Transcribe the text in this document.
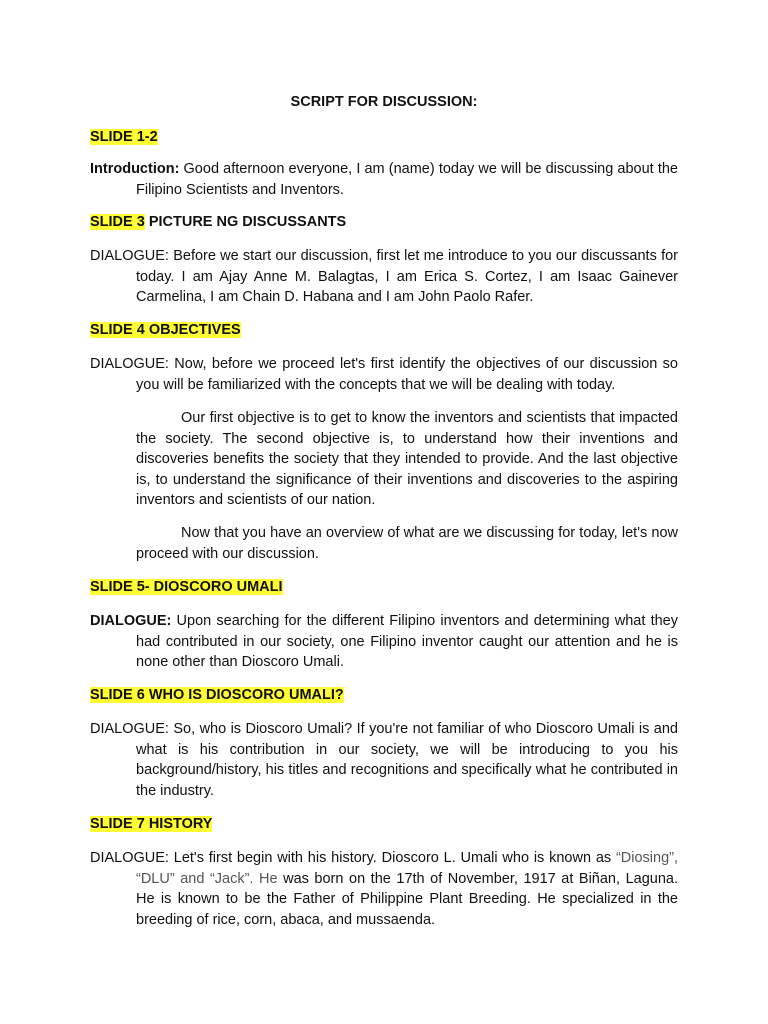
SCRIPT FOR DISCUSSION:
SLIDE 1-2

Introduction: Good afternoon everyone, I am (name) today we will be discussing about the Filipino Scientists and Inventors.

SLIDE 3 PICTURE NG DISCUSSANTS

DIALOGUE: Before we start our discussion, first let me introduce to you our discussants for today. I am Ajay Anne M. Balagtas, I am Erica S. Cortez, I am Isaac Gainever Carmelina, I am Chain D. Habana and I am John Paolo Rafer.

SLIDE 4 OBJECTIVES

DIALOGUE: Now, before we proceed let's first identify the objectives of our discussion so you will be familiarized with the concepts that we will be dealing with today.

Our first objective is to get to know the inventors and scientists that impacted the society. The second objective is, to understand how their inventions and discoveries benefits the society that they intended to provide. And the last objective is, to understand the significance of their inventions and discoveries to the aspiring inventors and scientists of our nation.

Now that you have an overview of what are we discussing for today, let's now proceed with our discussion.

SLIDE 5- DIOSCORO UMALI

DIALOGUE: Upon searching for the different Filipino inventors and determining what they had contributed in our society, one Filipino inventor caught our attention and he is none other than Dioscoro Umali.

SLIDE 6 WHO IS DIOSCORO UMALI?

DIALOGUE: So, who is Dioscoro Umali? If you're not familiar of who Dioscoro Umali is and what is his contribution in our society, we will be introducing to you his background/history, his titles and recognitions and specifically what he contributed in the industry.

SLIDE 7 HISTORY

DIALOGUE: Let's first begin with his history. Dioscoro L. Umali who is known as “Diosing”, “DLU” and “Jack”. He was born on the 17th of November, 1917 at Biñan, Laguna. He is known to be the Father of Philippine Plant Breeding. He specialized in the breeding of rice, corn, abaca, and mussaenda.
